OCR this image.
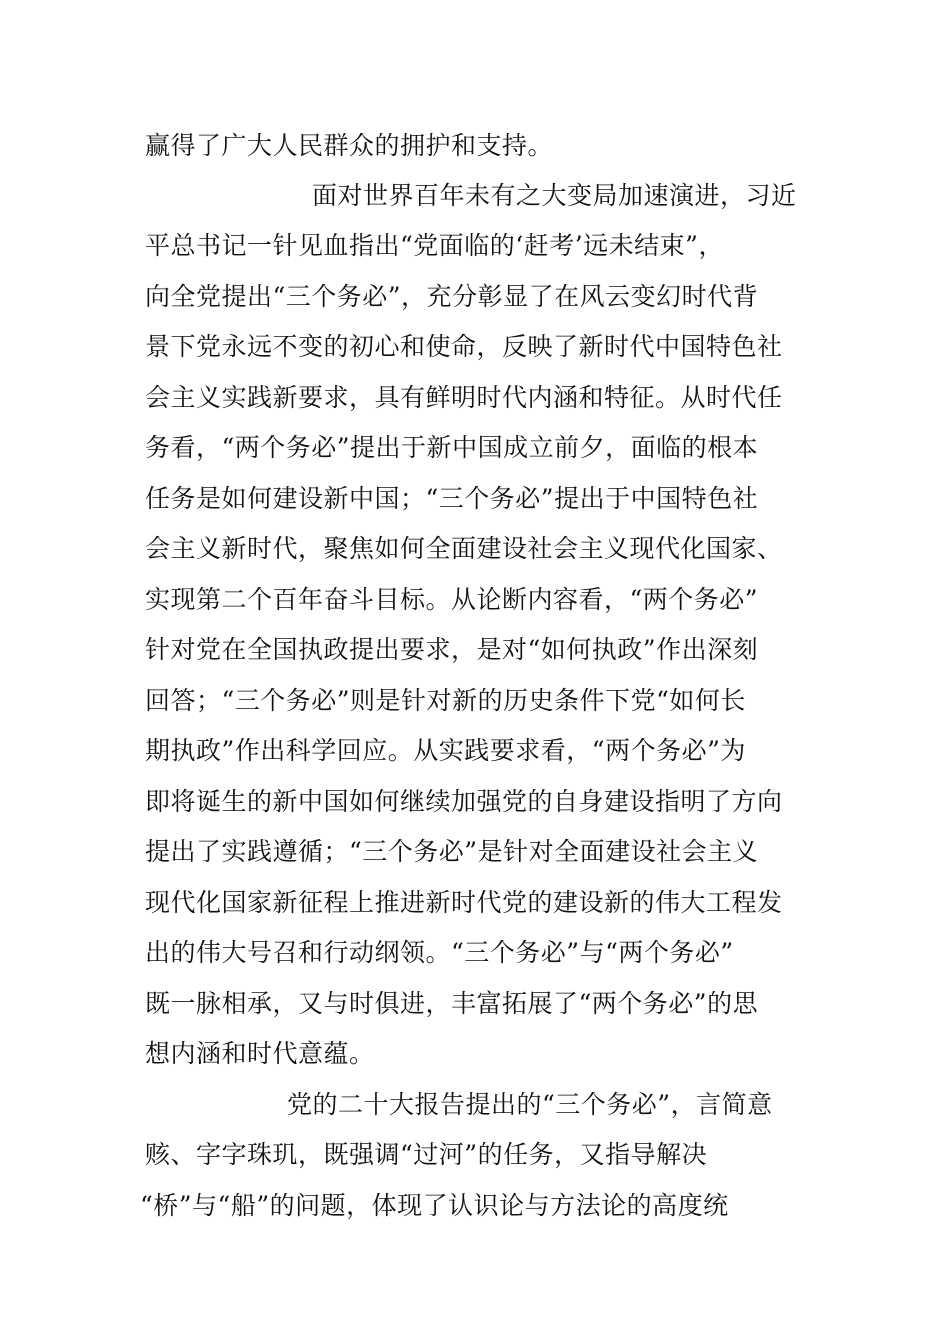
赢得了广大人民群众的拥护和支持。
面对世界百年未有之大变局加速演进，习近
平总书记一针见血指出“党面临的‘赶考’远未结束”，
向全党提出“三个务必”，充分彰显了在风云变幻时代背
景下党永远不变的初心和使命，反映了新时代中国特色社
会主义实践新要求，具有鲜明时代内涵和特征。从时代任
务看，“两个务必”提出于新中国成立前夕，面临的根本
任务是如何建设新中国；“三个务必”提出于中国特色社
会主义新时代，聚焦如何全面建设社会主义现代化国家、
实现第二个百年奋斗目标。从论断内容看，“两个务必”
针对党在全国执政提出要求，是对“如何执政”作出深刻
回答；“三个务必”则是针对新的历史条件下党“如何长
期执政”作出科学回应。从实践要求看，“两个务必”为
即将诞生的新中国如何继续加强党的自身建设指明了方向
提出了实践遵循；“三个务必”是针对全面建设社会主义
现代化国家新征程上推进新时代党的建设新的伟大工程发
出的伟大号召和行动纲领。“三个务必”与“两个务必”
既一脉相承，又与时俱进，丰富拓展了“两个务必”的思
想内涵和时代意蕴。
党的二十大报告提出的“三个务必”，言简意
赅、字字珠玑，既强调“过河”的任务，又指导解决
“桥”与“船”的问题，体现了认识论与方法论的高度统
